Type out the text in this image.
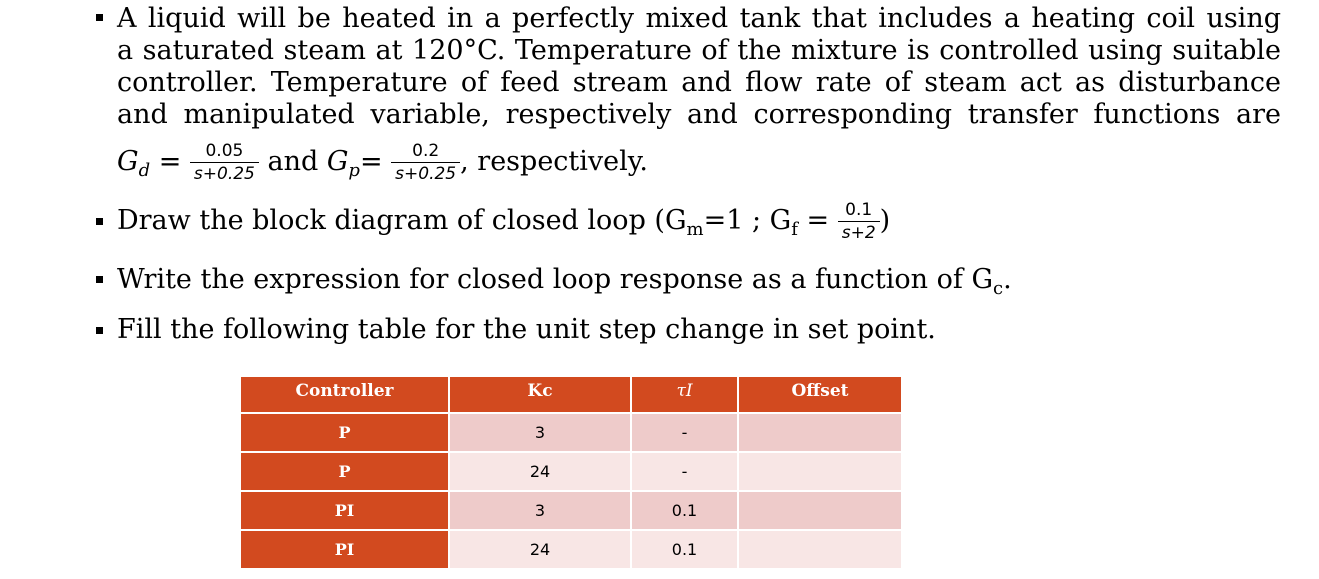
A liquid will be heated in a perfectly mixed tank that includes a heating coil using
a saturated steam at 120°C. Temperature of the mixture is controlled using suitable
controller. Temperature of feed stream and flow rate of steam act as disturbance
and manipulated variable, respectively and corresponding transfer functions are
$G_d = \frac{0.05}{s+0.25}$ and $G_p= \frac{0.2}{s+0.25}$ , respectively.
Draw the block diagram of closed loop ($G_m=1$ ; $G_f = \frac{0.1}{s+2}$ )
Write the expression for closed loop response as a function of $G_c$.
Fill the following table for the unit step change in set point.
Controller	Kc	τI	Offset
P	3	-	
P	24	-	
PI	3	0.1	
PI	24	0.1	
